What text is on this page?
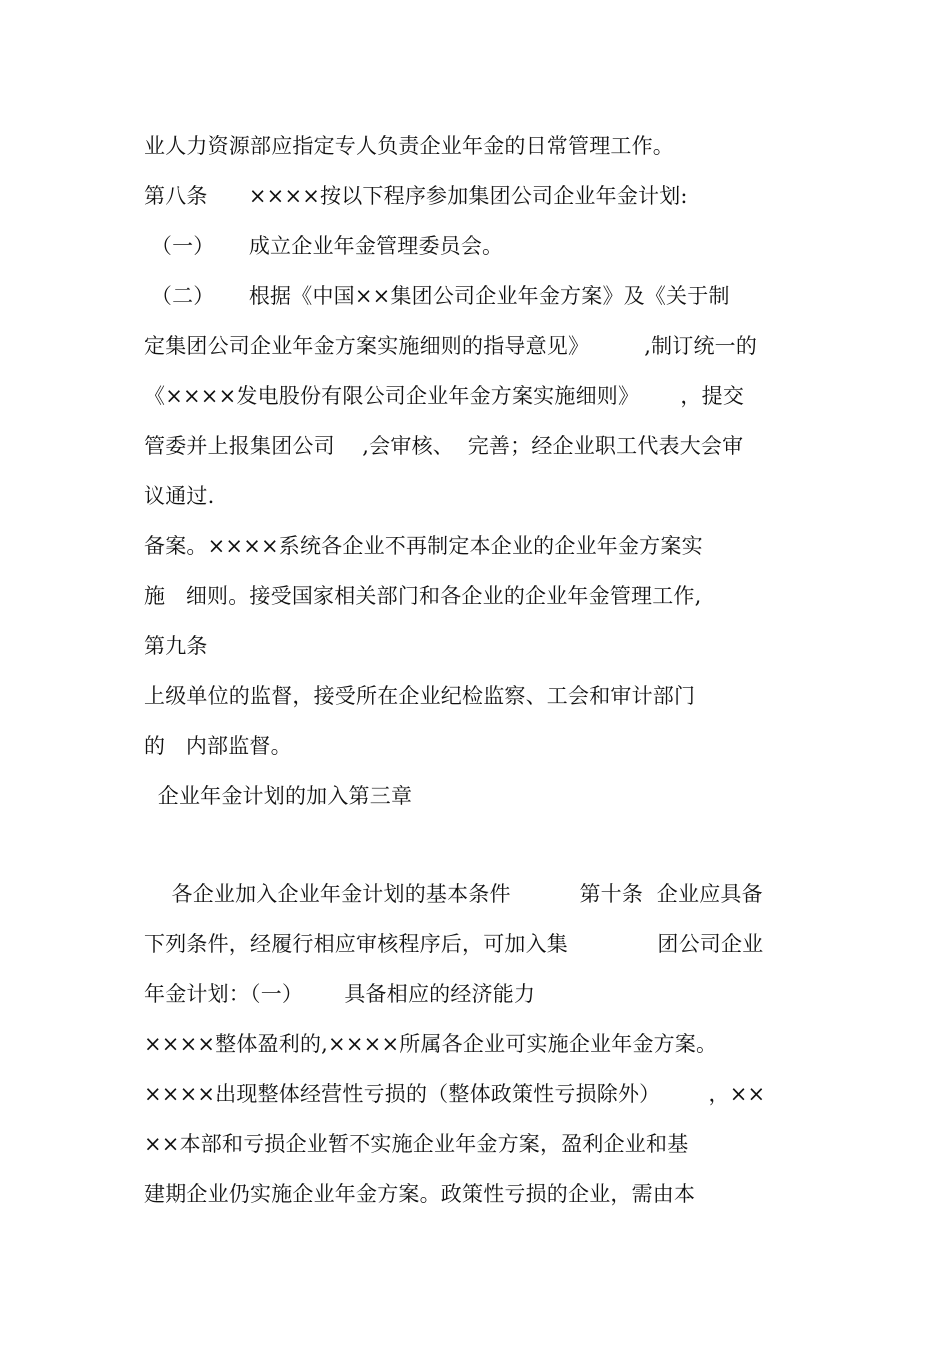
业人力资源部应指定专人负责企业年金的日常管理工作。
第八条      ××××按以下程序参加集团公司企业年金计划:
（一）     成立企业年金管理委员会。
（二）     根据《中国××集团公司企业年金方案》及《关于制
定集团公司企业年金方案实施细则的指导意见》        ,制订统一的
《××××发电股份有限公司企业年金方案实施细则》      ，提交
管委并上报集团公司    ,会审核、  完善；经企业职工代表大会审
议通过.
备案。××××系统各企业不再制定本企业的企业年金方案实
施   细则。接受国家相关部门和各企业的企业年金管理工作,
第九条
上级单位的监督，接受所在企业纪检监察、工会和审计部门
的   内部监督。
企业年金计划的加入第三章
各企业加入企业年金计划的基本条件          第十条  企业应具备
下列条件，经履行相应审核程序后，可加入集             团公司企业
年金计划：（一）      具备相应的经济能力
××××整体盈利的,××××所属各企业可实施企业年金方案。
××××出现整体经营性亏损的（整体政策性亏损除外）       ，××
××本部和亏损企业暂不实施企业年金方案，盈利企业和基
建期企业仍实施企业年金方案。政策性亏损的企业，需由本
